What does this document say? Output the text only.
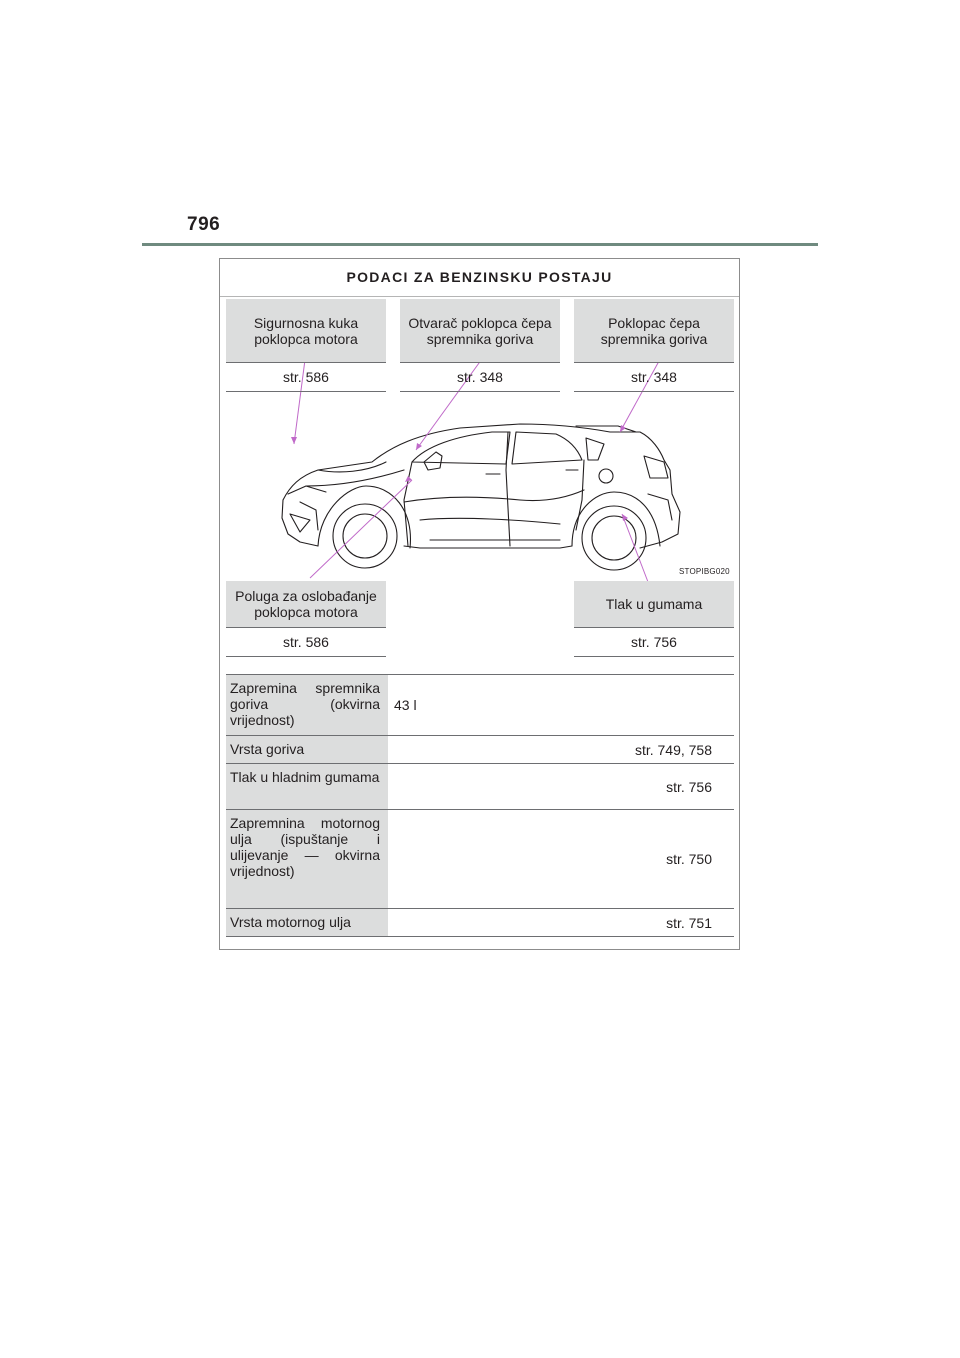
796
PODACI ZA BENZINSKU POSTAJU
Sigurnosna kuka poklopca motora
str. 586
Otvarač poklopca čepa spremnika goriva
str. 348
Poklopac čepa spremnika goriva
str. 348
Poluga za oslobađanje poklopca motora
str. 586
Tlak u gumama
str. 756
STOPIBG020
Zapremina spremnika goriva (okvirna vrijednost)
43 l
Vrsta goriva	str. 749, 758
Tlak u hladnim gumama
str. 756
Zapremnina motornog ulja (ispuštanje i ulijevanje — okvirna vrijednost)
str. 750
Vrsta motornog ulja	str. 751
